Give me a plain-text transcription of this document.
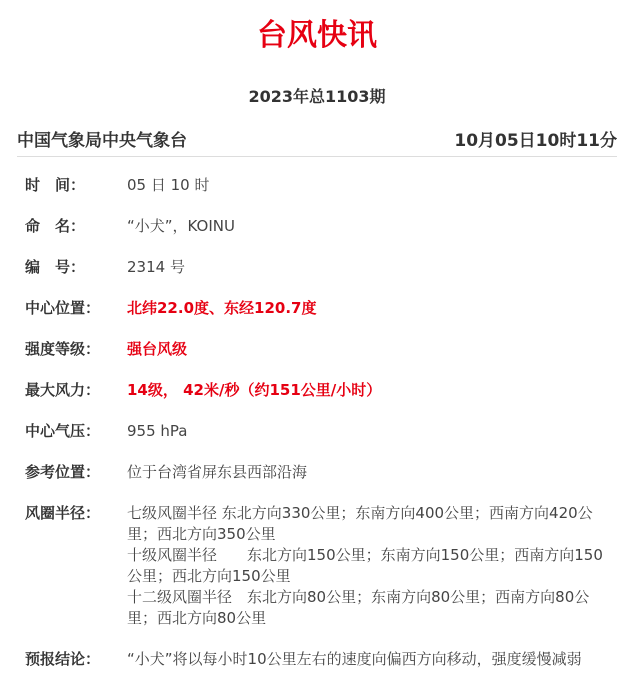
台风快讯
2023年总1103期
中国气象局中央气象台	10月05日10时11分
时　间：	05 日 10 时
命　名：	“小犬”，KOINU
编　号：	2314 号
中心位置：	北纬22.0度、东经120.7度
强度等级：	强台风级
最大风力：	14级， 42米/秒（约151公里/小时）
中心气压：	955 hPa
参考位置：	位于台湾省屏东县西部沿海
风圈半径：	七级风圈半径 东北方向330公里；东南方向400公里；西南方向420公里；西北方向350公里

十级风圈半径　　东北方向150公里；东南方向150公里；西南方向150公里；西北方向150公里

十二级风圈半径　东北方向80公里；东南方向80公里；西南方向80公里；西北方向80公里

预报结论：	“小犬”将以每小时10公里左右的速度向偏西方向移动，强度缓慢减弱
